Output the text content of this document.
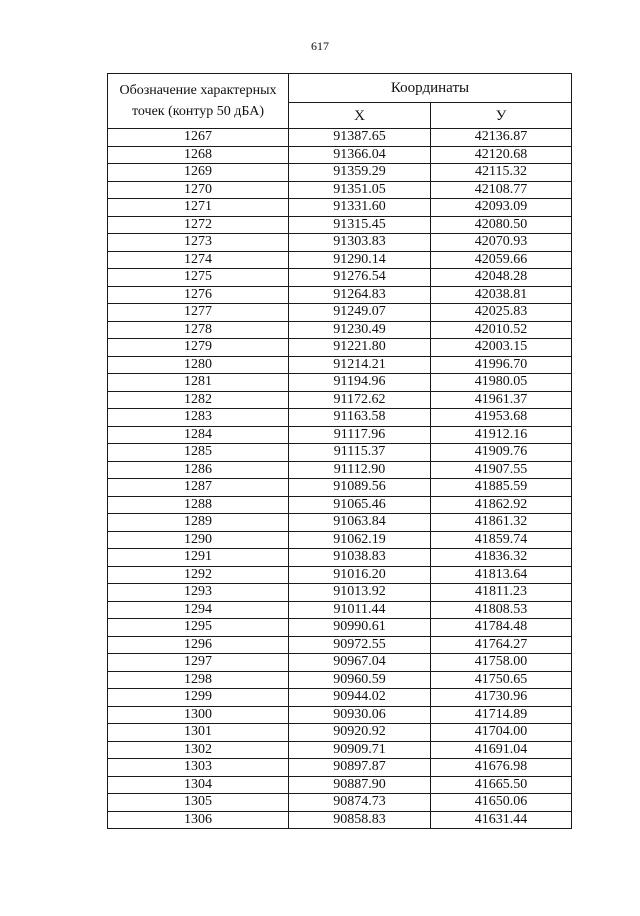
617
Обозначение характерных точек (контур 50 дБА)	Координаты	
	X	У
1267	91387.65	42136.87
1268	91366.04	42120.68
1269	91359.29	42115.32
1270	91351.05	42108.77
1271	91331.60	42093.09
1272	91315.45	42080.50
1273	91303.83	42070.93
1274	91290.14	42059.66
1275	91276.54	42048.28
1276	91264.83	42038.81
1277	91249.07	42025.83
1278	91230.49	42010.52
1279	91221.80	42003.15
1280	91214.21	41996.70
1281	91194.96	41980.05
1282	91172.62	41961.37
1283	91163.58	41953.68
1284	91117.96	41912.16
1285	91115.37	41909.76
1286	91112.90	41907.55
1287	91089.56	41885.59
1288	91065.46	41862.92
1289	91063.84	41861.32
1290	91062.19	41859.74
1291	91038.83	41836.32
1292	91016.20	41813.64
1293	91013.92	41811.23
1294	91011.44	41808.53
1295	90990.61	41784.48
1296	90972.55	41764.27
1297	90967.04	41758.00
1298	90960.59	41750.65
1299	90944.02	41730.96
1300	90930.06	41714.89
1301	90920.92	41704.00
1302	90909.71	41691.04
1303	90897.87	41676.98
1304	90887.90	41665.50
1305	90874.73	41650.06
1306	90858.83	41631.44
